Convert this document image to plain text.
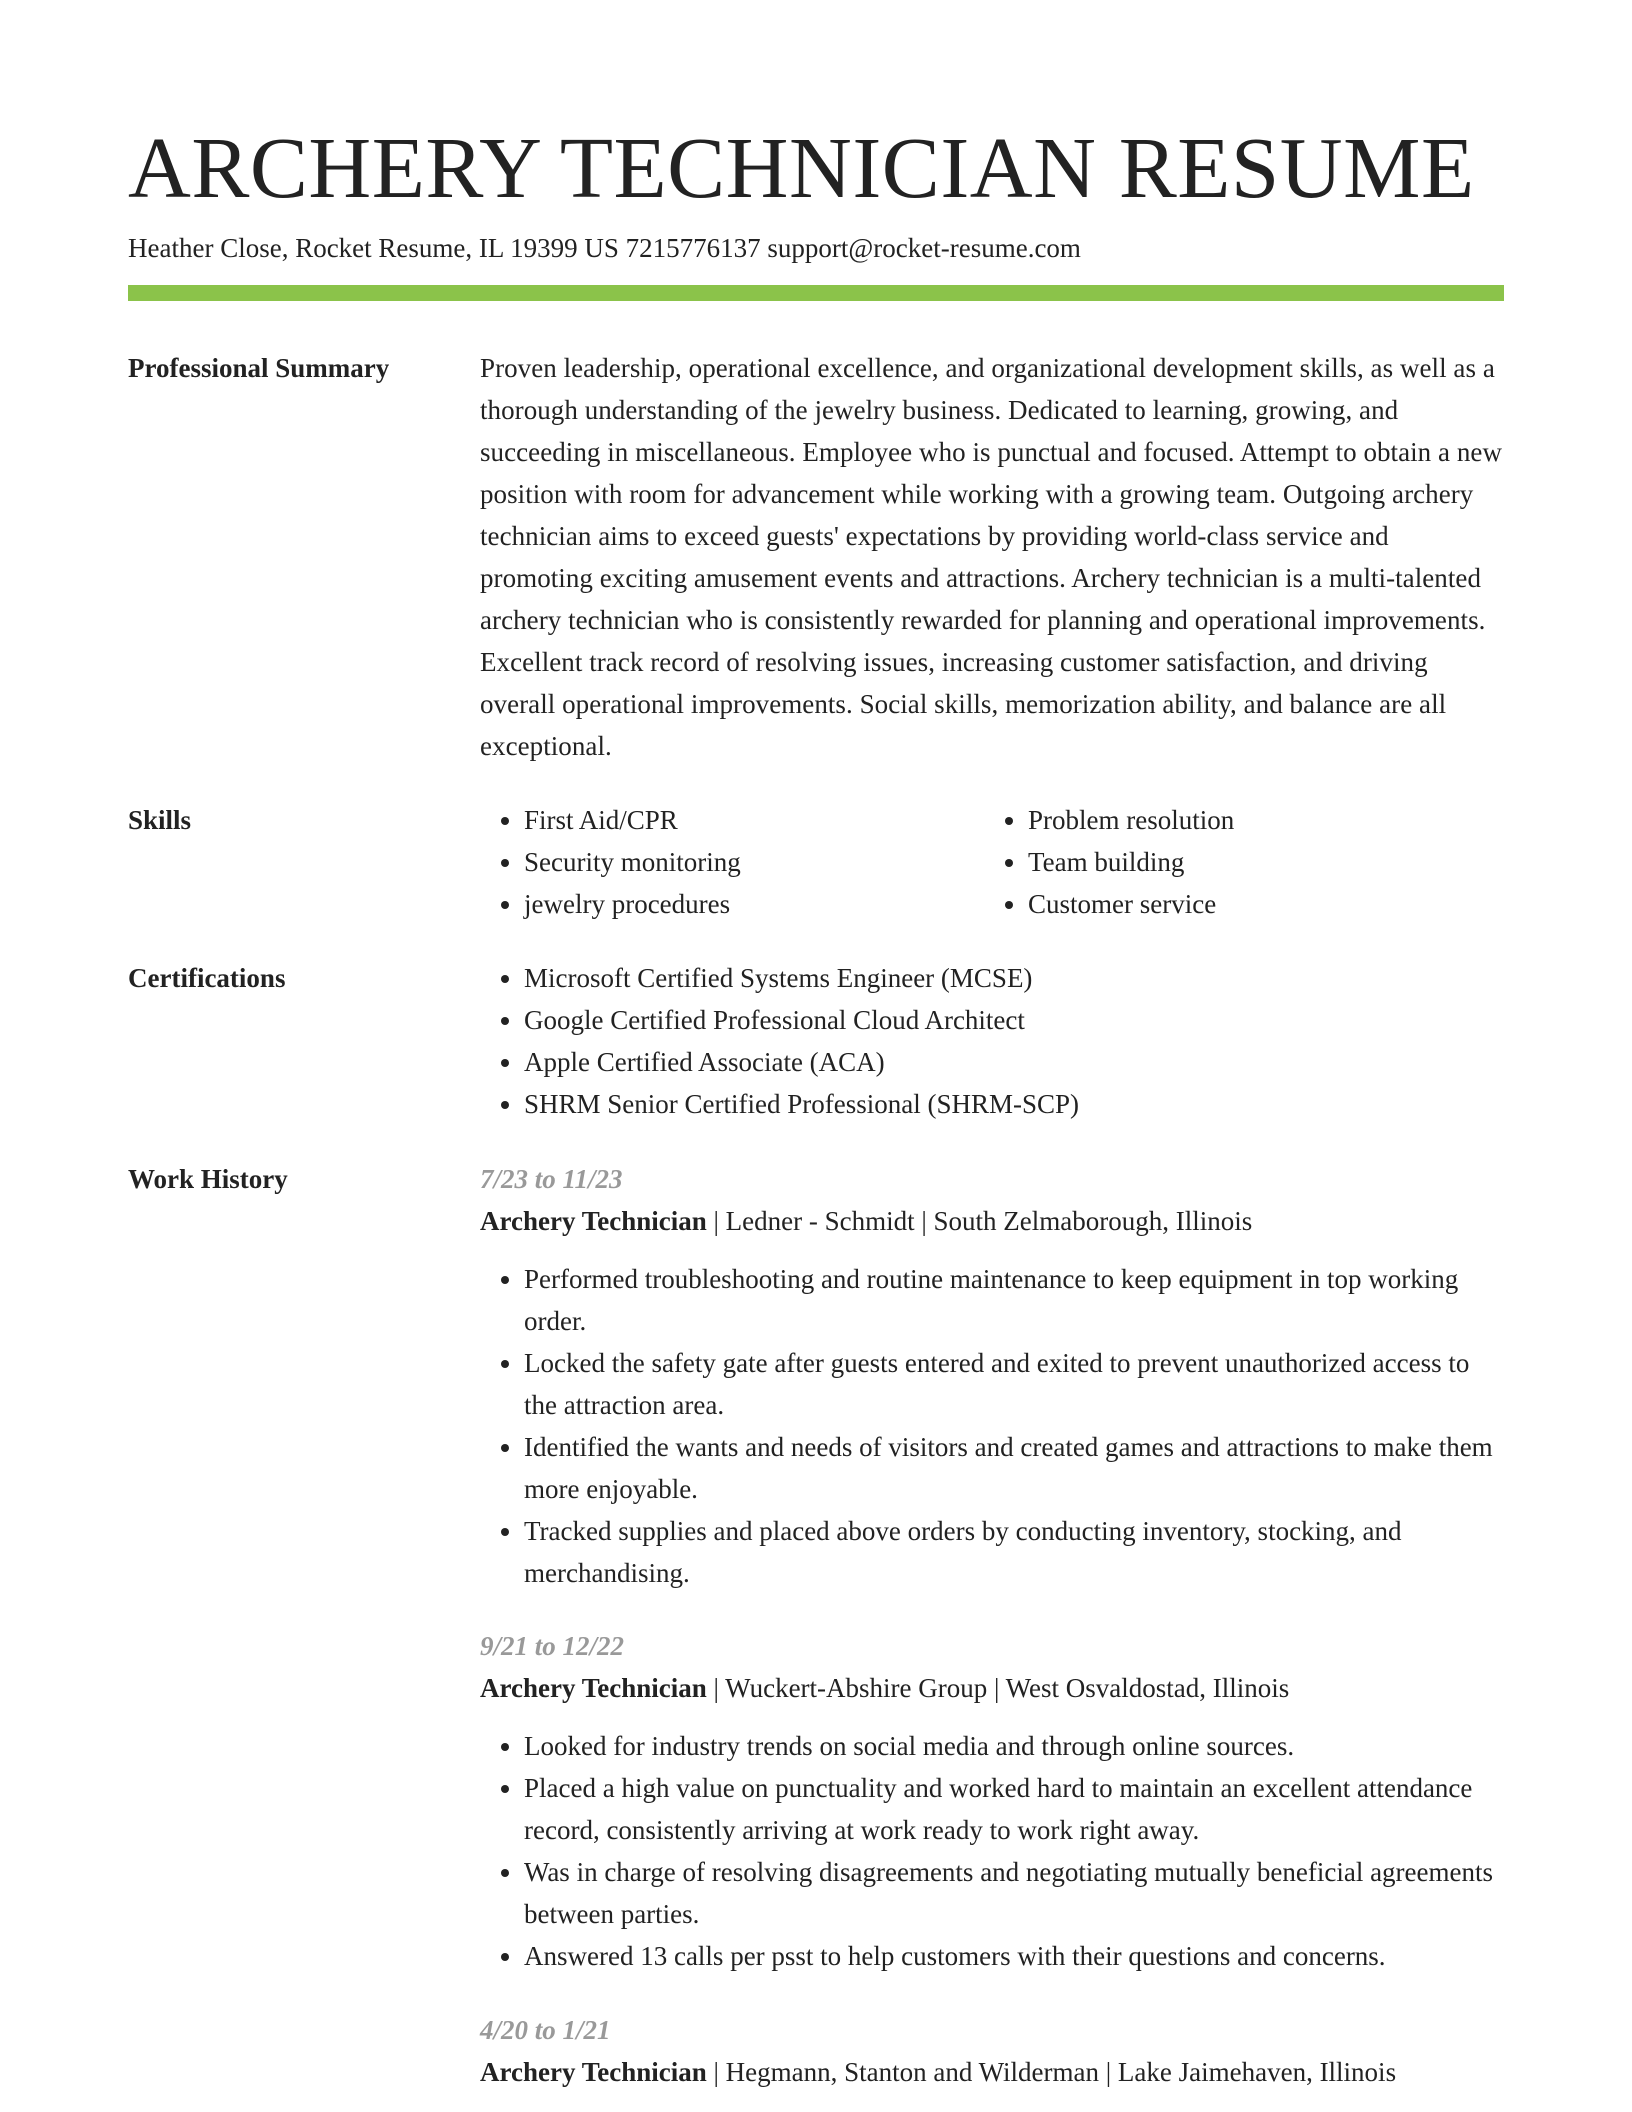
ARCHERY TECHNICIAN RESUME
Heather Close, Rocket Resume, IL 19399 US 7215776137 support@rocket-resume.com
Professional Summary	Proven leadership, operational excellence, and organizational development skills, as well as a thorough understanding of the jewelry business. Dedicated to learning, growing, and succeeding in miscellaneous. Employee who is punctual and focused. Attempt to obtain a new position with room for advancement while working with a growing team. Outgoing archery technician aims to exceed guests' expectations by providing world-class service and promoting exciting amusement events and attractions. Archery technician is a multi-talented archery technician who is consistently rewarded for planning and operational improvements. Excellent track record of resolving issues, increasing customer satisfaction, and driving overall operational improvements. Social skills, memorization ability, and balance are all exceptional.

Skills	• First Aid/CPR
• Security monitoring
• jewelry procedures
• Problem resolution
• Team building
• Customer service
Certifications	• Microsoft Certified Systems Engineer (MCSE)
• Google Certified Professional Cloud Architect
• Apple Certified Associate (ACA)
• SHRM Senior Certified Professional (SHRM-SCP)
Work History	7/23 to 11/23
Archery Technician | Ledner - Schmidt | South Zelmaborough, Illinois
• Performed troubleshooting and routine maintenance to keep equipment in top working order.
• Locked the safety gate after guests entered and exited to prevent unauthorized access to the attraction area.
• Identified the wants and needs of visitors and created games and attractions to make them more enjoyable.
• Tracked supplies and placed above orders by conducting inventory, stocking, and merchandising.
9/21 to 12/22
Archery Technician | Wuckert-Abshire Group | West Osvaldostad, Illinois
• Looked for industry trends on social media and through online sources.
• Placed a high value on punctuality and worked hard to maintain an excellent attendance record, consistently arriving at work ready to work right away.
• Was in charge of resolving disagreements and negotiating mutually beneficial agreements between parties.
• Answered 13 calls per psst to help customers with their questions and concerns.
4/20 to 1/21
Archery Technician | Hegmann, Stanton and Wilderman | Lake Jaimehaven, Illinois
